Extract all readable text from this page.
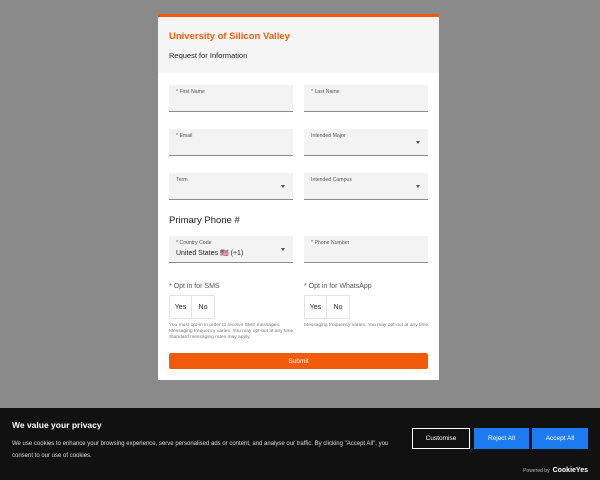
University of Silicon Valley
Request for Information
* First Name	* Last Name
* Email	Intended Major
Term	Intended Campus
Primary Phone #
* Country Code
United States 🇺🇸 (+1)
* Phone Number
* Opt in for SMS
Yes	No
You must opt-in in order to receive SMS messages. Messaging frequency varies. You may opt-out at any time. Standard messaging rates may apply.
* Opt in for WhatsApp
Yes	No
Messaging frequency varies. You may opt-out at any time.
Submit
We value your privacy
We use cookies to enhance your browsing experience, serve personalised ads or content, and analyse our traffic. By clicking "Accept All", you consent to our use of cookies.
Customise	Reject All	Accept All
Powered by CookieYes
